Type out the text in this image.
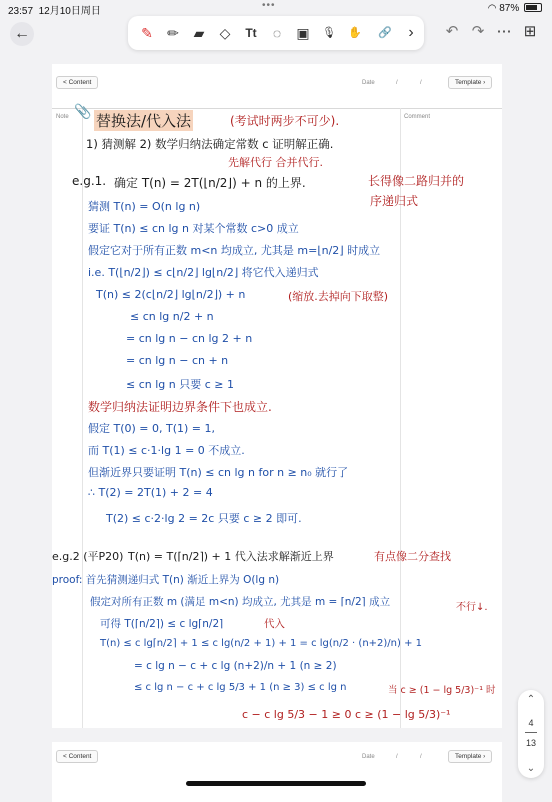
23:57 12月10日周日
•••	◠ 87%
←	✎ ✏ ▰ ◇	Tt	◌	▣ 🎙 ✋ 🔗	›	↶ ↷ ⋯ ⊞
< Content	Date	/	/	Template ›
Note	Comment
📎 替换法/代入法	(考试时两步不可少).
1) 猜测解 2) 数学归纳法确定常数 c 证明解正确.
先解代行 合并代行.
e.g.1. 确定 T(n) = 2T(⌊n/2⌋) + n 的上界.	长得像二路归并的
序递归式
猜测 T(n) = O(n lg n)
要证 T(n) ≤ cn lg n 对某个常数 c>0 成立
假定它对于所有正数 m<n 均成立, 尤其是 m=⌊n/2⌋ 时成立
i.e. T(⌊n/2⌋) ≤ c⌊n/2⌋ lg⌊n/2⌋ 将它代入递归式
T(n) ≤ 2(c⌊n/2⌋ lg⌊n/2⌋) + n	(缩放.去掉向下取整)
≤ cn lg n/2 + n
= cn lg n − cn lg 2 + n
= cn lg n − cn + n
≤ cn lg n 只要 c ≥ 1
数学归纳法证明边界条件下也成立.
假定 T(0) = 0, T(1) = 1,
而 T(1) ≤ c·1·lg 1 = 0 不成立.
但渐近界只要证明 T(n) ≤ cn lg n for n ≥ n₀ 就行了
∴ T(2) = 2T(1) + 2 = 4
T(2) ≤ c·2·lg 2 = 2c 只要 c ≥ 2 即可.
e.g.2 (平P20) T(n) = T(⌈n/2⌉) + 1 代入法求解渐近上界	有点像二分查找
proof: 首先猜测递归式 T(n) 渐近上界为 O(lg n)
假定对所有正数 m (满足 m<n) 均成立, 尤其是 m = ⌈n/2⌉ 成立	不行↓.
可得 T(⌈n/2⌉) ≤ c lg⌈n/2⌉	代入
T(n) ≤ c lg⌈n/2⌉ + 1 ≤ c lg(n/2 + 1) + 1 = c lg(n/2 · (n+2)/n) + 1
= c lg n − c + c lg (n+2)/n + 1 (n ≥ 2)
≤ c lg n − c + c lg 5/3 + 1 (n ≥ 3) ≤ c lg n	当 c ≥ (1 − lg 5/3)⁻¹ 时
c − c lg 5/3 − 1 ≥ 0 c ≥ (1 − lg 5/3)⁻¹
< Content	Date	/	/	Template ›
⌃
4
13
⌄
